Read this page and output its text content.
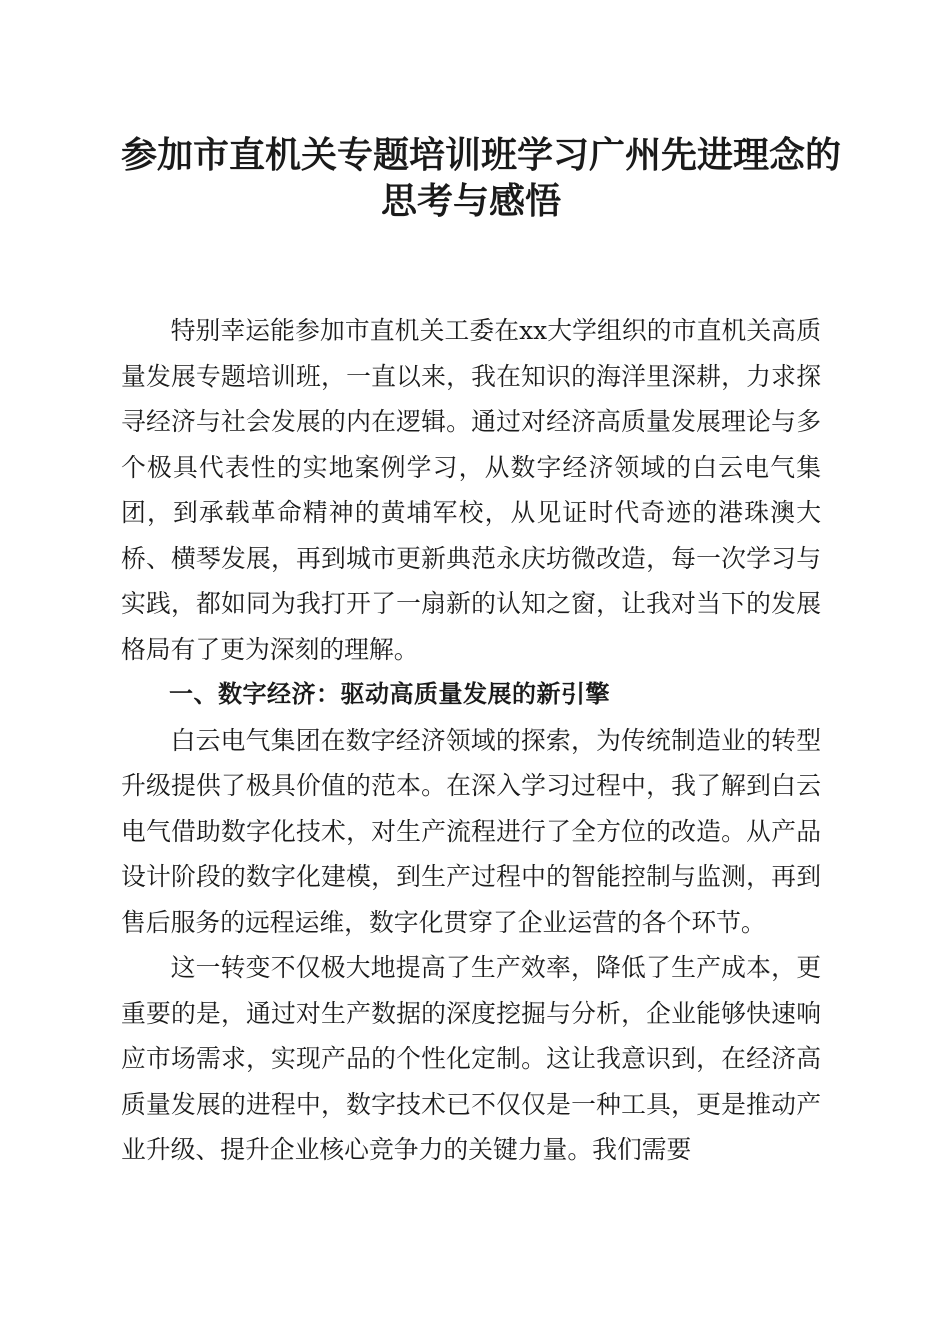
参加市直机关专题培训班学习广州先进理念的
思考与感悟

特别幸运能参加市直机关工委在xx大学组织的市直机关高质量发展专题培训班，一直以来，我在知识的海洋里深耕，力求探寻经济与社会发展的内在逻辑。通过对经济高质量发展理论与多个极具代表性的实地案例学习，从数字经济领域的白云电气集团，到承载革命精神的黄埔军校，从见证时代奇迹的港珠澳大桥、横琴发展，再到城市更新典范永庆坊微改造，每一次学习与实践，都如同为我打开了一扇新的认知之窗，让我对当下的发展格局有了更为深刻的理解。

一、数字经济：驱动高质量发展的新引擎

白云电气集团在数字经济领域的探索，为传统制造业的转型升级提供了极具价值的范本。在深入学习过程中，我了解到白云电气借助数字化技术，对生产流程进行了全方位的改造。从产品设计阶段的数字化建模，到生产过程中的智能控制与监测，再到售后服务的远程运维，数字化贯穿了企业运营的各个环节。

这一转变不仅极大地提高了生产效率，降低了生产成本，更重要的是，通过对生产数据的深度挖掘与分析，企业能够快速响应市场需求，实现产品的个性化定制。这让我意识到，在经济高质量发展的进程中，数字技术已不仅仅是一种工具，更是推动产业升级、提升企业核心竞争力的关键力量。我们需要
